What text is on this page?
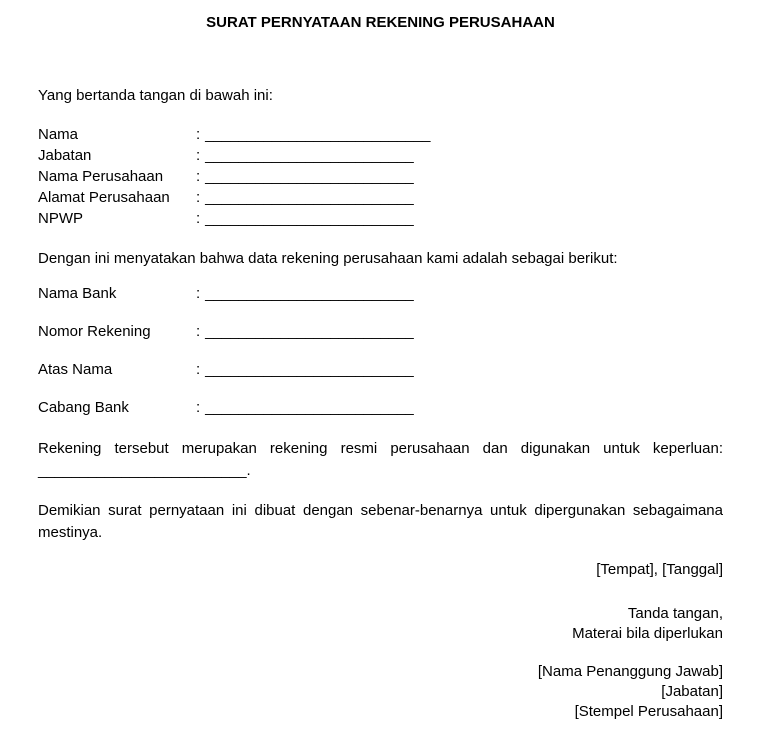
SURAT PERNYATAAN REKENING PERUSAHAAN

Yang bertanda tangan di bawah ini:

Nama	: ___________________________
Jabatan	: _________________________
Nama Perusahaan	: _________________________
Alamat Perusahaan	: _________________________
NPWP	: _________________________

Dengan ini menyatakan bahwa data rekening perusahaan kami adalah sebagai berikut:

Nama Bank	: _________________________
Nomor Rekening	: _________________________
Atas Nama	: _________________________
Cabang Bank	: _________________________

Rekening tersebut merupakan rekening resmi perusahaan dan digunakan untuk keperluan: _________________________.

Demikian surat pernyataan ini dibuat dengan sebenar-benarnya untuk dipergunakan sebagaimana mestinya.

[Tempat], [Tanggal]

Tanda tangan,

Materai bila diperlukan

[Nama Penanggung Jawab]

[Jabatan]

[Stempel Perusahaan]
